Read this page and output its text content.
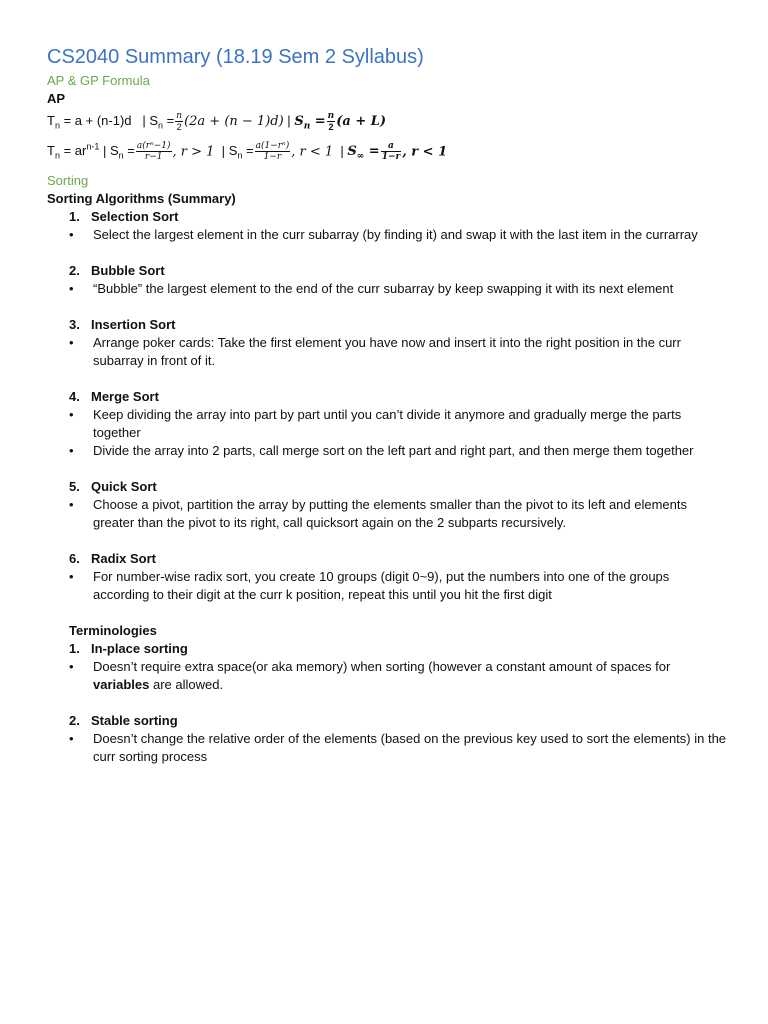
CS2040 Summary (18.19 Sem 2 Syllabus)
AP & GP Formula
AP
$T_n = a + (n-1)d$ | $S_n = \frac{n}{2} (2a + (n - 1)d)$ | $S_n = \frac{n}{2} (a + L)$
$T_n = ar^{n-1}$ | $S_n = \frac{\text{a(rⁿ−1)}}{r-1}$ , r > 1 | $S_n = \frac{\text{a(1−rⁿ)}}{1-r}$ , r < 1 | $S_\infty = \frac{a}{1-r}$ , r < 1
Sorting
Sorting Algorithms (Summary)
1. Selection Sort
•	Select the largest element in the curr subarray (by finding it) and swap it with the last item in the currarray
2. Bubble Sort
•	“Bubble” the largest element to the end of the curr subarray by keep swapping it with its next element
3. Insertion Sort
•	Arrange poker cards: Take the first element you have now and insert it into the right position in the curr subarray in front of it.
4. Merge Sort
•	Keep dividing the array into part by part until you can’t divide it anymore and gradually merge the parts together
•	Divide the array into 2 parts, call merge sort on the left part and right part, and then merge them together
5. Quick Sort
•	Choose a pivot, partition the array by putting the elements smaller than the pivot to its left and elements greater than the pivot to its right, call quicksort again on the 2 subparts recursively.
6. Radix Sort
•	For number-wise radix sort, you create 10 groups (digit 0~9), put the numbers into one of the groups according to their digit at the curr k position, repeat this until you hit the first digit
Terminologies
1. In-place sorting
•	Doesn’t require extra space(or aka memory) when sorting (however a constant amount of spaces for variables are allowed.
2. Stable sorting
•	Doesn’t change the relative order of the elements (based on the previous key used to sort the elements) in the curr sorting process
